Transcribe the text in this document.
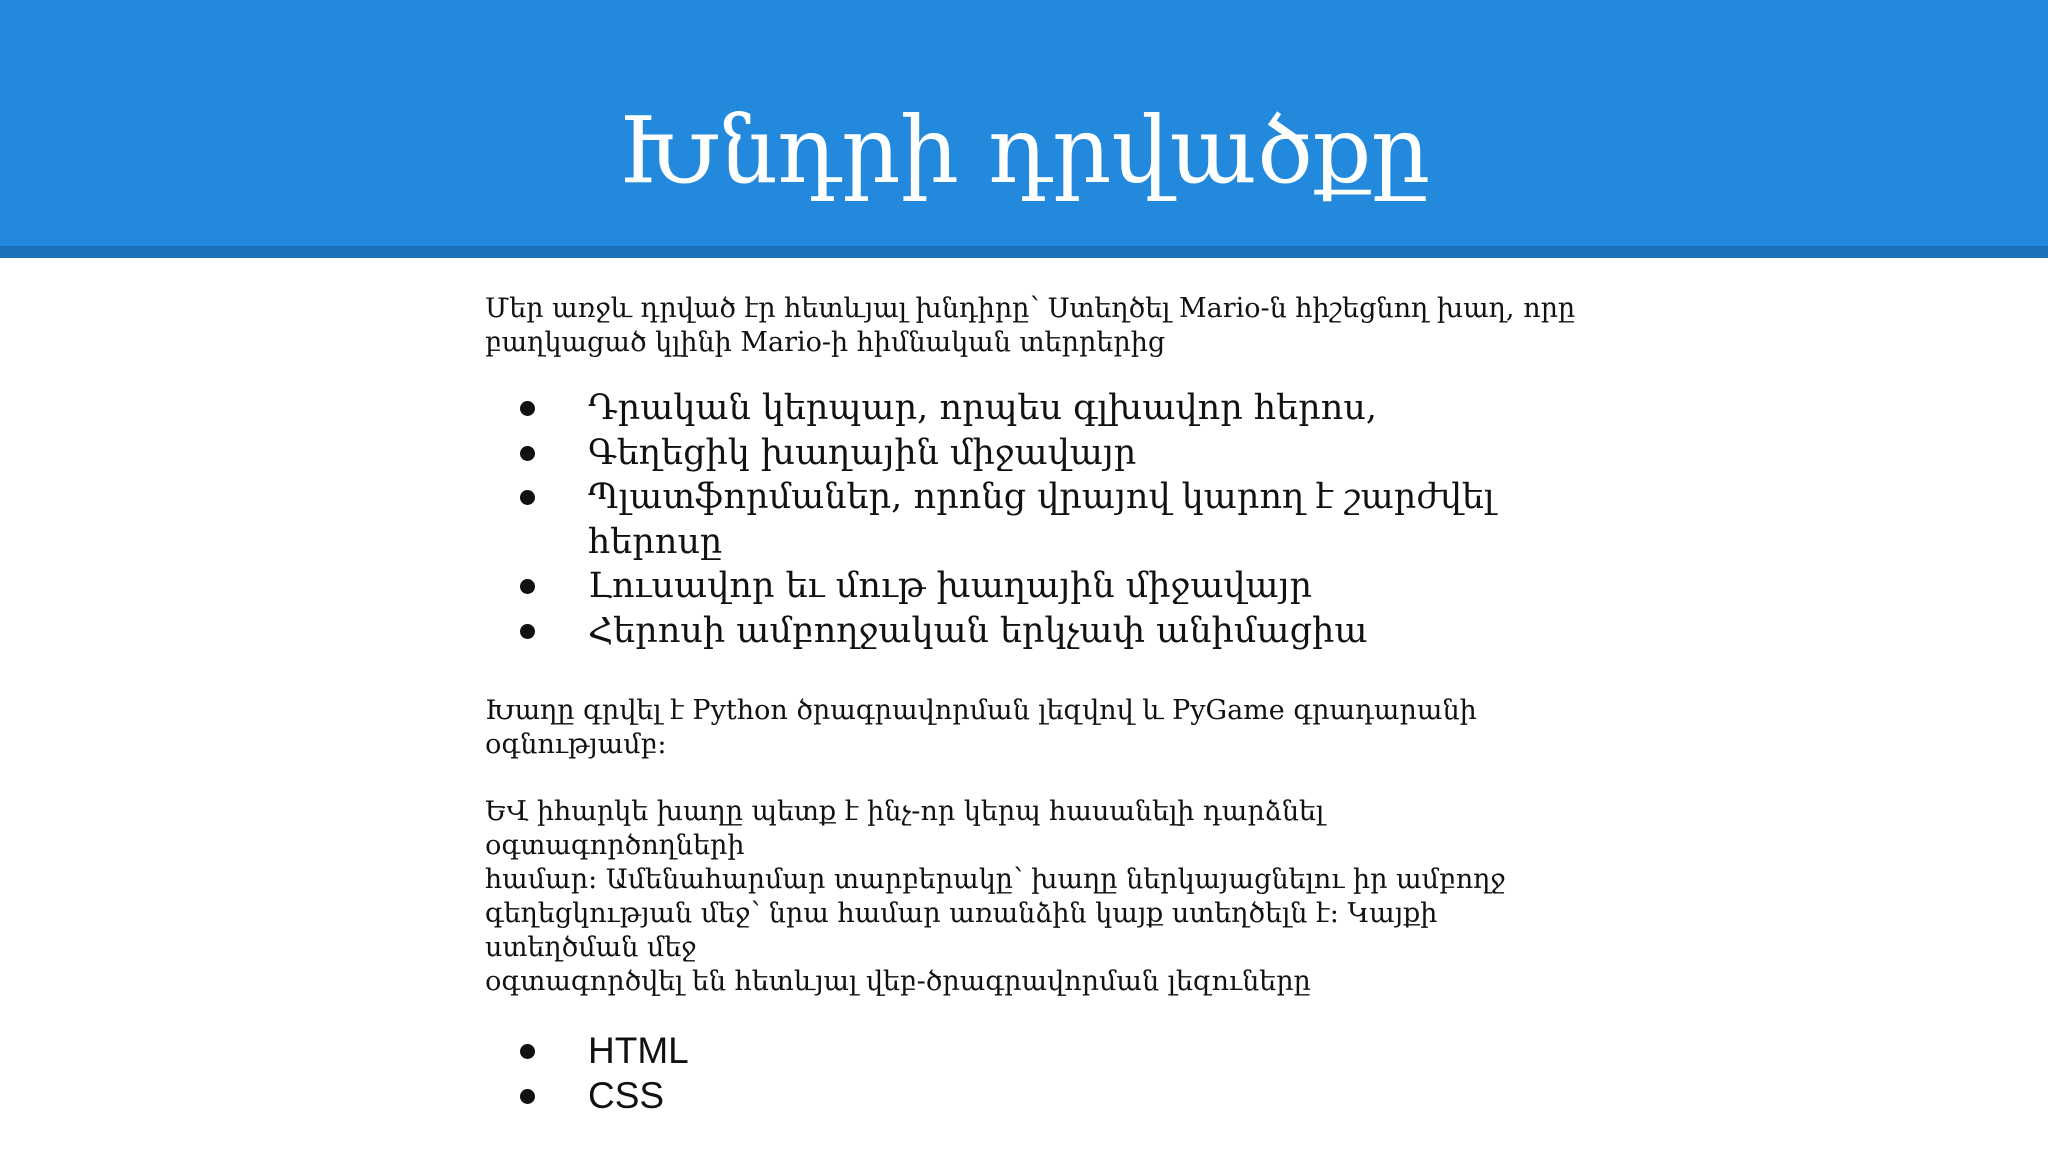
Խնդրի դրվածքը

Մեր առջև դրված էր հետևյալ խնդիրը՝ Ստեղծել Mario-ն հիշեցնող խաղ, որը
բաղկացած կլինի Mario-ի հիմնական տերրերից

Դրական կերպար, որպես գլխավոր հերոս,
Գեղեցիկ խաղային միջավայր
Պլատֆորմաներ, որոնց վրայով կարող է շարժվել հերոսը
Լուսավոր եւ մութ խաղային միջավայր
Հերոսի ամբողջական երկչափ անիմացիա

Խաղը գրվել է Python ծրագրավորման լեզվով և PyGame գրադարանի օգնությամբ:

ԵՎ իհարկե խաղը պետք է ինչ-որ կերպ հասանելի դարձնել օգտագործողների
համար: Ամենահարմար տարբերակը՝ խաղը ներկայացնելու իր ամբողջ
գեղեցկության մեջ՝ նրա համար առանձին կայք ստեղծելն է: Կայքի ստեղծման մեջ
օգտագործվել են հետևյալ վեբ-ծրագրավորման լեզուները

HTML
CSS
